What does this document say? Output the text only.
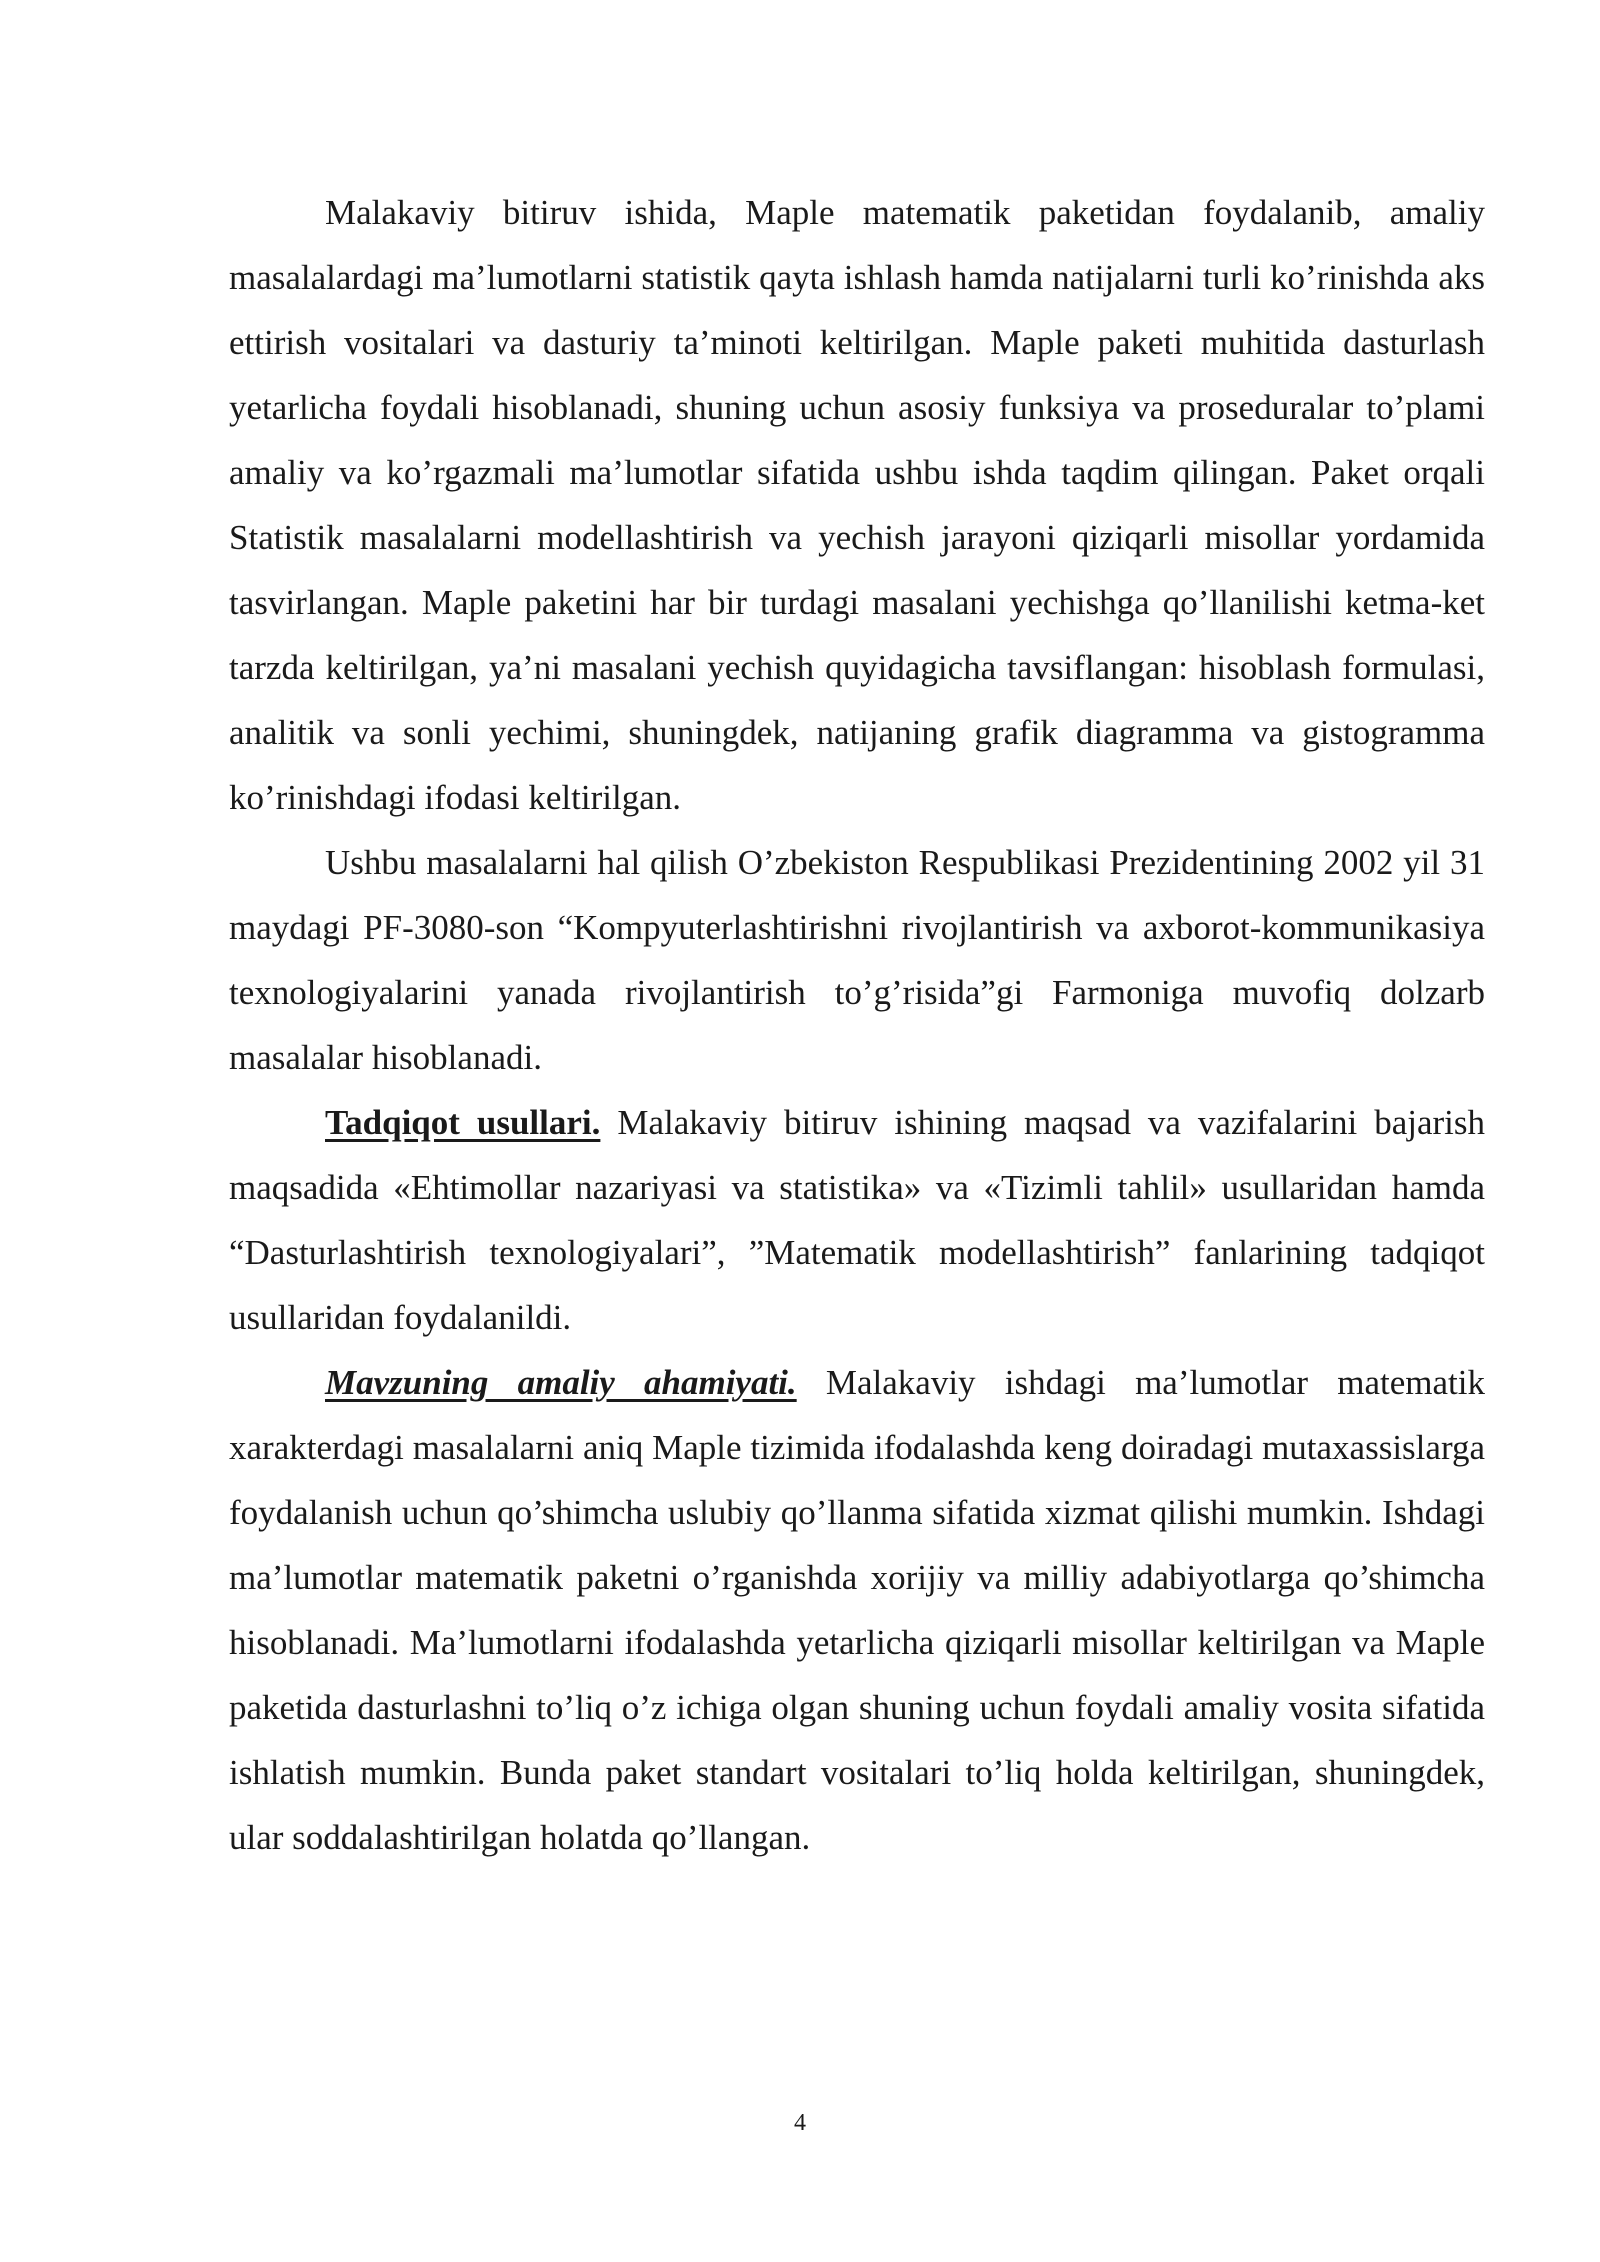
Malakaviy bitiruv ishida, Maple matematik paketidan foydalanib, amaliy masalalardagi ma’lumotlarni statistik qayta ishlash hamda natijalarni turli ko’rinishda aks ettirish vositalari va dasturiy ta’minoti keltirilgan. Maple paketi muhitida dasturlash yetarlicha foydali hisoblanadi, shuning uchun asosiy funksiya va proseduralar to’plami amaliy va ko’rgazmali ma’lumotlar sifatida ushbu ishda taqdim qilingan. Paket orqali Statistik masalalarni modellashtirish va yechish jarayoni qiziqarli misollar yordamida tasvirlangan. Maple paketini har bir turdagi masalani yechishga qo’llanilishi ketma-ket tarzda keltirilgan, ya’ni masalani yechish quyidagicha tavsiflangan: hisoblash formulasi, analitik va sonli yechimi, shuningdek, natijaning grafik diagramma va gistogramma ko’rinishdagi ifodasi keltirilgan.

Ushbu masalalarni hal qilish O’zbekiston Respublikasi Prezidentining 2002 yil 31 maydagi PF-3080-son “Kompyuterlashtirishni rivojlantirish va axborot-kommunikasiya texnologiyalarini yanada rivojlantirish to’g’risida”gi Farmoniga muvofiq dolzarb masalalar hisoblanadi.

Tadqiqot usullari. Malakaviy bitiruv ishining maqsad va vazifalarini bajarish maqsadida «Ehtimollar nazariyasi va statistika» va «Tizimli tahlil» usullaridan hamda “Dasturlashtirish texnologiyalari”, ”Matematik modellashtirish” fanlarining tadqiqot usullaridan foydalanildi.

Mavzuning amaliy ahamiyati. Malakaviy ishdagi ma’lumotlar matematik xarakterdagi masalalarni aniq Maple tizimida ifodalashda keng doiradagi mutaxassislarga foydalanish uchun qo’shimcha uslubiy qo’llanma sifatida xizmat qilishi mumkin. Ishdagi ma’lumotlar matematik paketni o’rganishda xorijiy va milliy adabiyotlarga qo’shimcha hisoblanadi. Ma’lumotlarni ifodalashda yetarlicha qiziqarli misollar keltirilgan va Maple paketida dasturlashni to’liq o’z ichiga olgan shuning uchun foydali amaliy vosita sifatida ishlatish mumkin. Bunda paket standart vositalari to’liq holda keltirilgan, shuningdek, ular soddalashtirilgan holatda qo’llangan.

4
